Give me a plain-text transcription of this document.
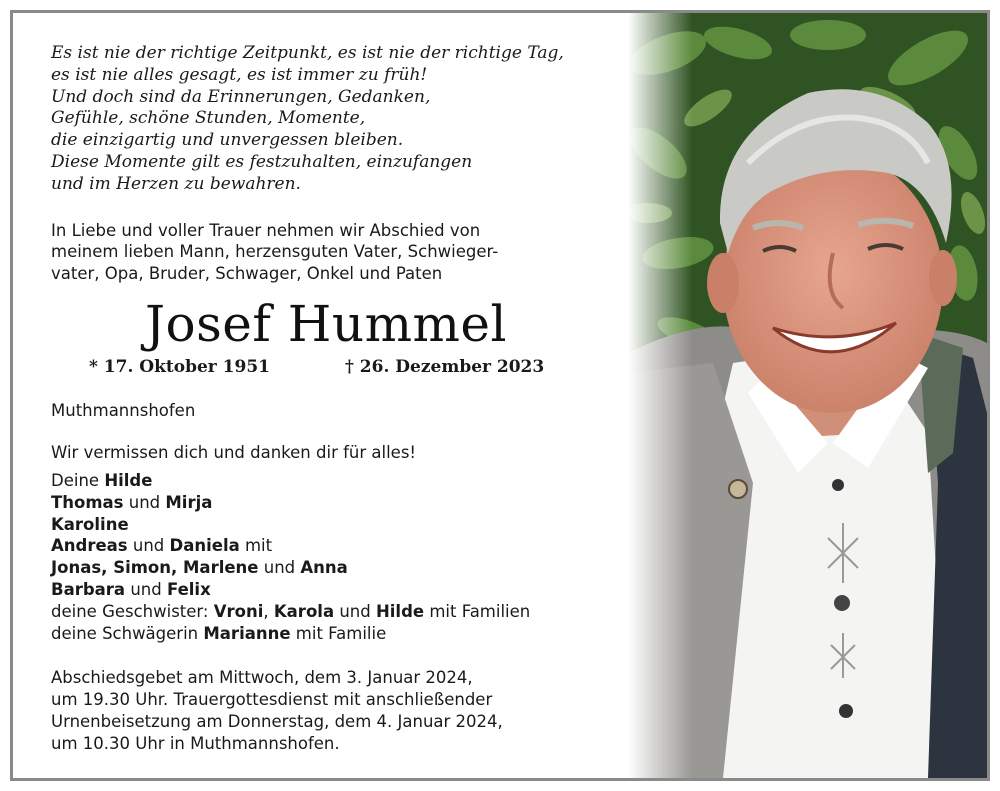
Es ist nie der richtige Zeitpunkt, es ist nie der richtige Tag,
es ist nie alles gesagt, es ist immer zu früh!
Und doch sind da Erinnerungen, Gedanken,
Gefühle, schöne Stunden, Momente,
die einzigartig und unvergessen bleiben.
Diese Momente gilt es festzuhalten, einzufangen
und im Herzen zu bewahren.
In Liebe und voller Trauer nehmen wir Abschied von
meinem lieben Mann, herzensguten Vater, Schwieger-
vater, Opa, Bruder, Schwager, Onkel und Paten
Josef Hummel
* 17. Oktober 1951	† 26. Dezember 2023
Muthmannshofen
Wir vermissen dich und danken dir für alles!
Deine Hilde
Thomas und Mirja
Karoline
Andreas und Daniela mit
Jonas, Simon, Marlene und Anna
Barbara und Felix
deine Geschwister: Vroni, Karola und Hilde mit Familien
deine Schwägerin Marianne mit Familie
Abschiedsgebet am Mittwoch, dem 3. Januar 2024,
um 19.30 Uhr. Trauergottesdienst mit anschließender
Urnenbeisetzung am Donnerstag, dem 4. Januar 2024,
um 10.30 Uhr in Muthmannshofen.
